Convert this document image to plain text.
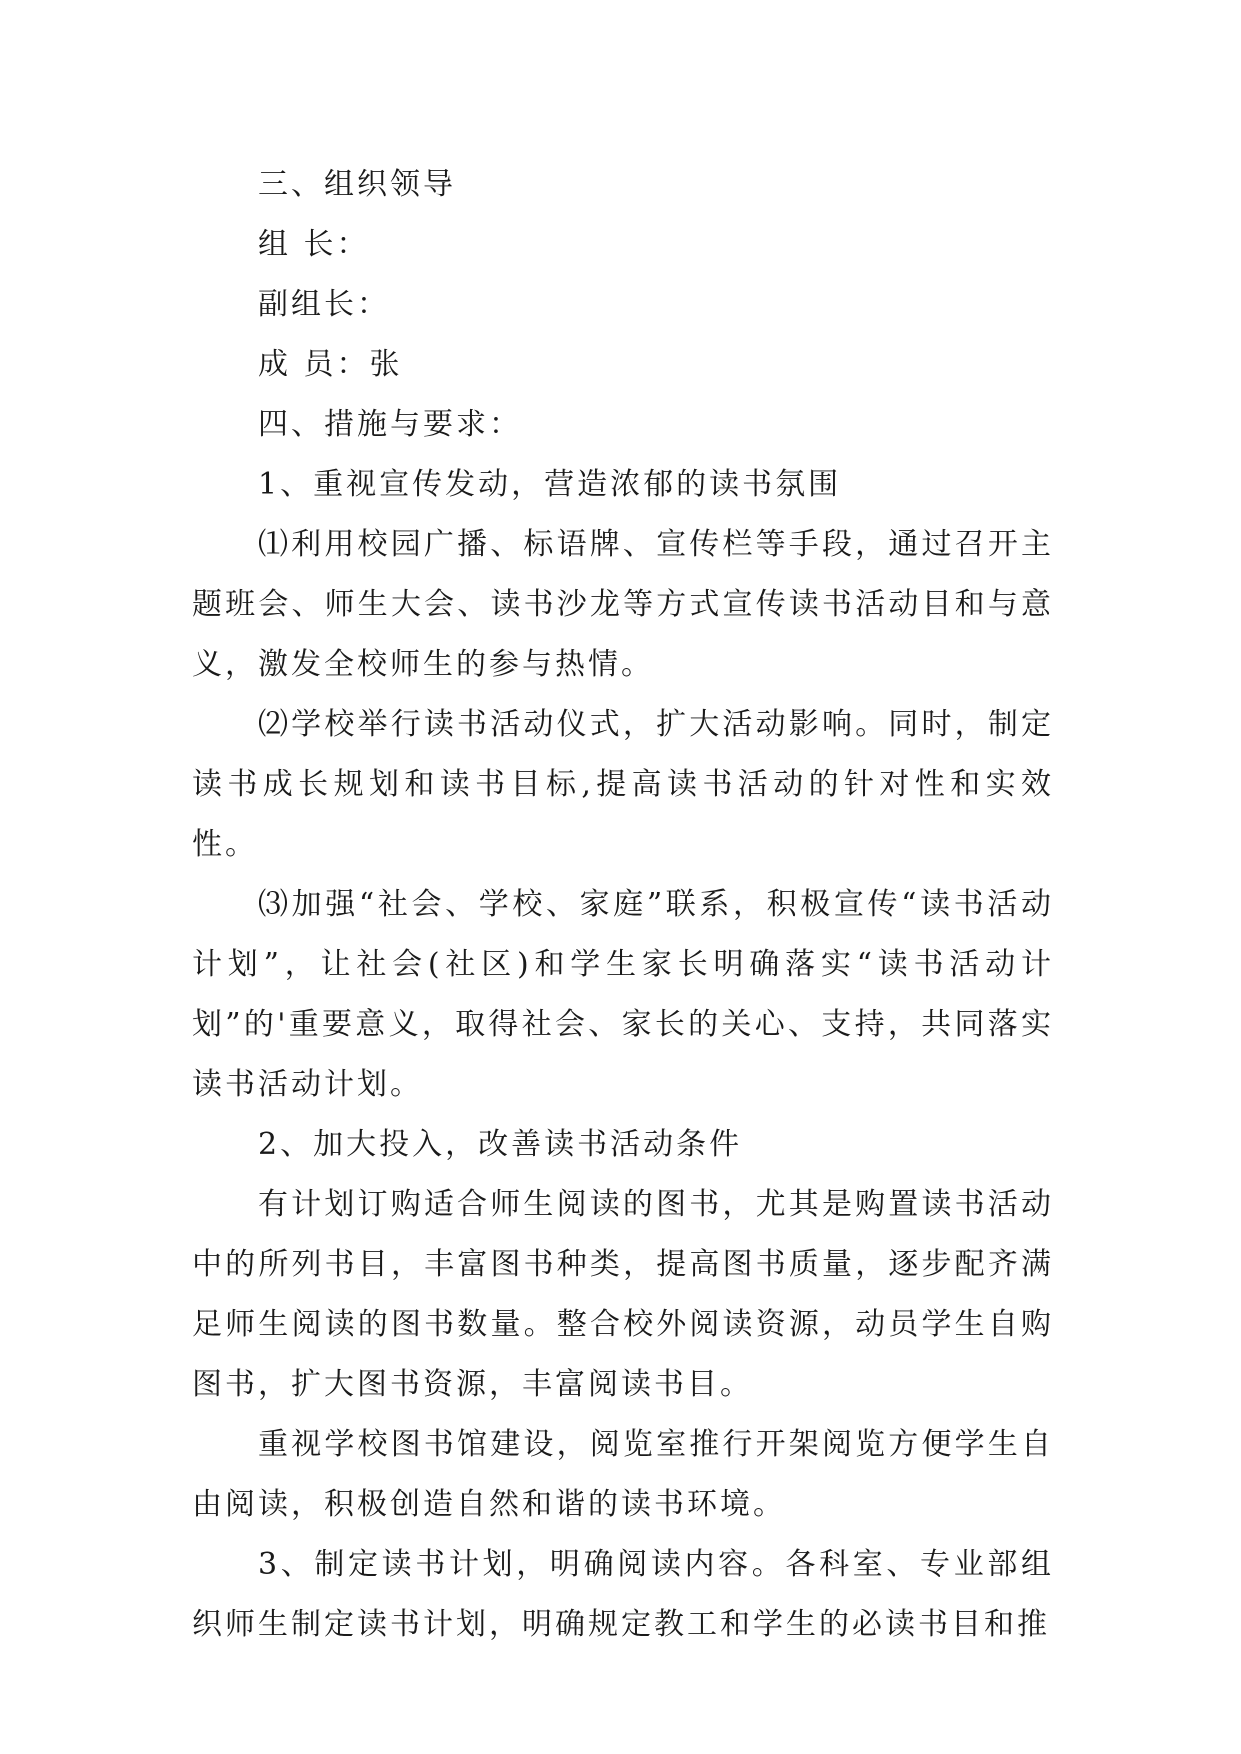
三、组织领导

组 长：

副组长：

成 员：张

四、措施与要求：

1、重视宣传发动，营造浓郁的读书氛围

⑴利用校园广播、标语牌、宣传栏等手段，通过召开主题班会、师生大会、读书沙龙等方式宣传读书活动目和与意义，激发全校师生的参与热情。

⑵学校举行读书活动仪式，扩大活动影响。同时，制定读书成长规划和读书目标,提高读书活动的针对性和实效性。

⑶加强“社会、学校、家庭”联系，积极宣传“读书活动计划”，让社会(社区)和学生家长明确落实“读书活动计划”的'重要意义，取得社会、家长的关心、支持，共同落实读书活动计划。

2、加大投入，改善读书活动条件

有计划订购适合师生阅读的图书，尤其是购置读书活动中的所列书目，丰富图书种类，提高图书质量，逐步配齐满足师生阅读的图书数量。整合校外阅读资源，动员学生自购图书，扩大图书资源，丰富阅读书目。

重视学校图书馆建设，阅览室推行开架阅览方便学生自由阅读，积极创造自然和谐的读书环境。

3、制定读书计划，明确阅读内容。各科室、专业部组织师生制定读书计划，明确规定教工和学生的必读书目和推
